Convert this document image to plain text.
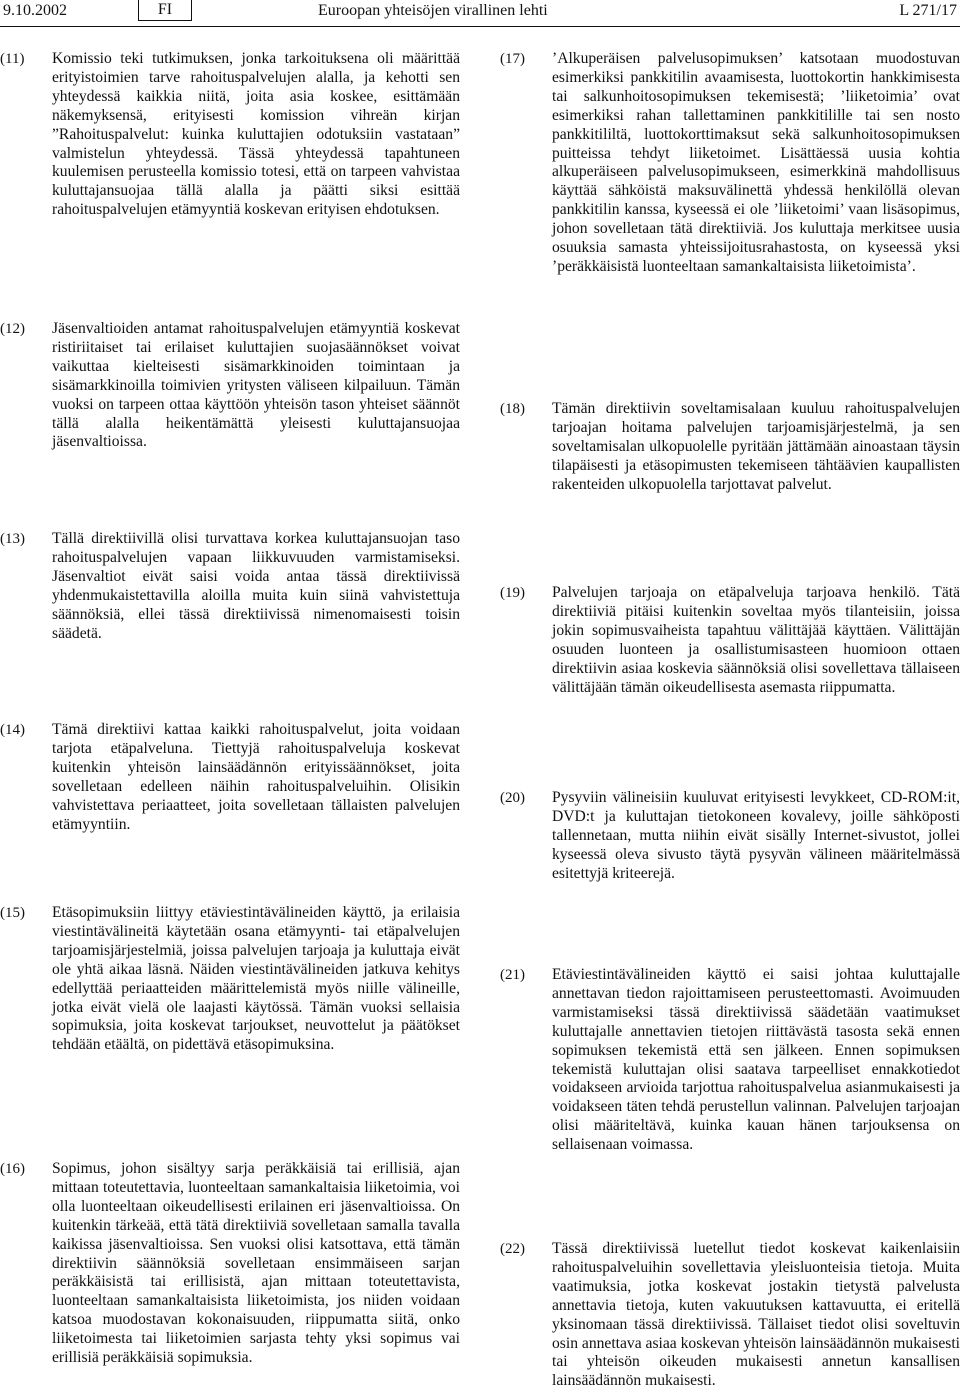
9.10.2002	FI	Euroopan yhteisöjen virallinen lehti	L 271/17
(11)	Komissio teki tutkimuksen, jonka tarkoituksena oli määrittää erityistoimien tarve rahoituspalvelujen alalla, ja kehotti sen yhteydessä kaikkia niitä, joita asia koskee, esittämään näkemyksensä, erityisesti komission vihreän kirjan ”Rahoituspalvelut: kuinka kuluttajien odotuksiin vastataan” valmistelun yhteydessä. Tässä yhteydessä tapahtuneen kuulemisen perusteella komissio totesi, että on tarpeen vahvistaa kuluttajansuojaa tällä alalla ja päätti siksi esittää rahoituspalvelujen etämyyntiä koskevan erityisen ehdotuksen.
(12)	Jäsenvaltioiden antamat rahoituspalvelujen etämyyntiä koskevat ristiriitaiset tai erilaiset kuluttajien suojasäännökset voivat vaikuttaa kielteisesti sisämarkkinoiden toimintaan ja sisämarkkinoilla toimivien yritysten väliseen kilpailuun. Tämän vuoksi on tarpeen ottaa käyttöön yhteisön tason yhteiset säännöt tällä alalla heikentämättä yleisesti kuluttajansuojaa jäsenvaltioissa.
(13)	Tällä direktiivillä olisi turvattava korkea kuluttajansuojan taso rahoituspalvelujen vapaan liikkuvuuden varmistamiseksi. Jäsenvaltiot eivät saisi voida antaa tässä direktiivissä yhdenmukaistettavilla aloilla muita kuin siinä vahvistettuja säännöksiä, ellei tässä direktiivissä nimenomaisesti toisin säädetä.
(14)	Tämä direktiivi kattaa kaikki rahoituspalvelut, joita voidaan tarjota etäpalveluna. Tiettyjä rahoituspalveluja koskevat kuitenkin yhteisön lainsäädännön erityissäännökset, joita sovelletaan edelleen näihin rahoituspalveluihin. Olisikin vahvistettava periaatteet, joita sovelletaan tällaisten palvelujen etämyyntiin.
(15)	Etäsopimuksiin liittyy etäviestintävälineiden käyttö, ja erilaisia viestintävälineitä käytetään osana etämyynti- tai etäpalvelujen tarjoamisjärjestelmiä, joissa palvelujen tarjoaja ja kuluttaja eivät ole yhtä aikaa läsnä. Näiden viestintävälineiden jatkuva kehitys edellyttää periaatteiden määrittelemistä myös niille välineille, jotka eivät vielä ole laajasti käytössä. Tämän vuoksi sellaisia sopimuksia, joita koskevat tarjoukset, neuvottelut ja päätökset tehdään etäältä, on pidettävä etäsopimuksina.
(16)	Sopimus, johon sisältyy sarja peräkkäisiä tai erillisiä, ajan mittaan toteutettavia, luonteeltaan samankaltaisia liiketoimia, voi olla luonteeltaan oikeudellisesti erilainen eri jäsenvaltioissa. On kuitenkin tärkeää, että tätä direktiiviä sovelletaan samalla tavalla kaikissa jäsenvaltioissa. Sen vuoksi olisi katsottava, että tämän direktiivin säännöksiä sovelletaan ensimmäiseen sarjan peräkkäisistä tai erillisistä, ajan mittaan toteutettavista, luonteeltaan samankaltaisista liiketoimista, jos niiden voidaan katsoa muodostavan kokonaisuuden, riippumatta siitä, onko liiketoimesta tai liiketoimien sarjasta tehty yksi sopimus vai erillisiä peräkkäisiä sopimuksia.
(17)	’Alkuperäisen palvelusopimuksen’ katsotaan muodostuvan esimerkiksi pankkitilin avaamisesta, luottokortin hankkimisesta tai salkunhoitosopimuksen tekemisestä; ’liiketoimia’ ovat esimerkiksi rahan tallettaminen pankkitilille tai sen nosto pankkitililtä, luottokorttimaksut sekä salkunhoitosopimuksen puitteissa tehdyt liiketoimet. Lisättäessä uusia kohtia alkuperäiseen palvelusopimukseen, esimerkkinä mahdollisuus käyttää sähköistä maksuvälinettä yhdessä henkilöllä olevan pankkitilin kanssa, kyseessä ei ole ’liiketoimi’ vaan lisäsopimus, johon sovelletaan tätä direktiiviä. Jos kuluttaja merkitsee uusia osuuksia samasta yhteissijoitusrahastosta, on kyseessä yksi ’peräkkäisistä luonteeltaan samankaltaisista liiketoimista’.
(18)	Tämän direktiivin soveltamisalaan kuuluu rahoituspalvelujen tarjoajan hoitama palvelujen tarjoamisjärjestelmä, ja sen soveltamisalan ulkopuolelle pyritään jättämään ainoastaan täysin tilapäisesti ja etäsopimusten tekemiseen tähtäävien kaupallisten rakenteiden ulkopuolella tarjottavat palvelut.
(19)	Palvelujen tarjoaja on etäpalveluja tarjoava henkilö. Tätä direktiiviä pitäisi kuitenkin soveltaa myös tilanteisiin, joissa jokin sopimusvaiheista tapahtuu välittäjää käyttäen. Välittäjän osuuden luonteen ja osallistumisasteen huomioon ottaen direktiivin asiaa koskevia säännöksiä olisi sovellettava tällaiseen välittäjään tämän oikeudellisesta asemasta riippumatta.
(20)	Pysyviin välineisiin kuuluvat erityisesti levykkeet, CD-ROM:it, DVD:t ja kuluttajan tietokoneen kovalevy, joille sähköposti tallennetaan, mutta niihin eivät sisälly Internet-sivustot, jollei kyseessä oleva sivusto täytä pysyvän välineen määritelmässä esitettyjä kriteerejä.
(21)	Etäviestintävälineiden käyttö ei saisi johtaa kuluttajalle annettavan tiedon rajoittamiseen perusteettomasti. Avoimuuden varmistamiseksi tässä direktiivissä säädetään vaatimukset kuluttajalle annettavien tietojen riittävästä tasosta sekä ennen sopimuksen tekemistä että sen jälkeen. Ennen sopimuksen tekemistä kuluttajan olisi saatava tarpeelliset ennakkotiedot voidakseen arvioida tarjottua rahoituspalvelua asianmukaisesti ja voidakseen täten tehdä perustellun valinnan. Palvelujen tarjoajan olisi määriteltävä, kuinka kauan hänen tarjouksensa on sellaisenaan voimassa.
(22)	Tässä direktiivissä luetellut tiedot koskevat kaikenlaisiin rahoituspalveluihin sovellettavia yleisluonteisia tietoja. Muita vaatimuksia, jotka koskevat jostakin tietystä palvelusta annettavia tietoja, kuten vakuutuksen kattavuutta, ei eritellä yksinomaan tässä direktiivissä. Tällaiset tiedot olisi soveltuvin osin annettava asiaa koskevan yhteisön lainsäädännön mukaisesti tai yhteisön oikeuden mukaisesti annetun kansallisen lainsäädännön mukaisesti.
